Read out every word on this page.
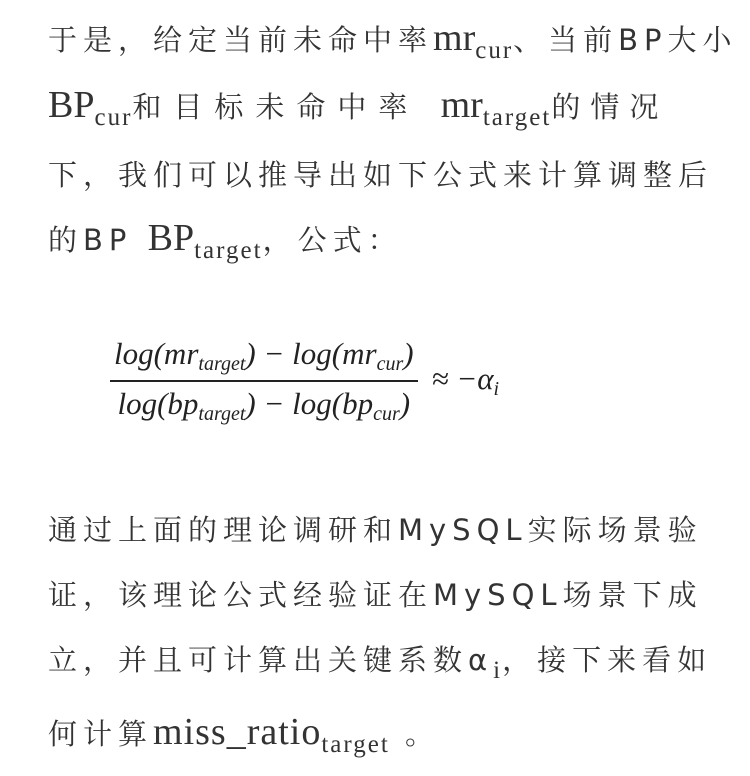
于是，给定当前未命中率mrcur、当前BP大小
BPcur和目标未命中率 mrtarget的情况
下，我们可以推导出如下公式来计算调整后
的BP BPtarget，公式：
$\frac{\text{log(mrtarget) − log(mrcur)}}{\text{log(bptarget) − log(bpcur)}} \approx -\alpha i$
通过上面的理论调研和MySQL实际场景验
证，该理论公式经验证在MySQL场景下成
立，并且可计算出关键系数αi，接下来看如
何计算miss_ratiotarget 。
